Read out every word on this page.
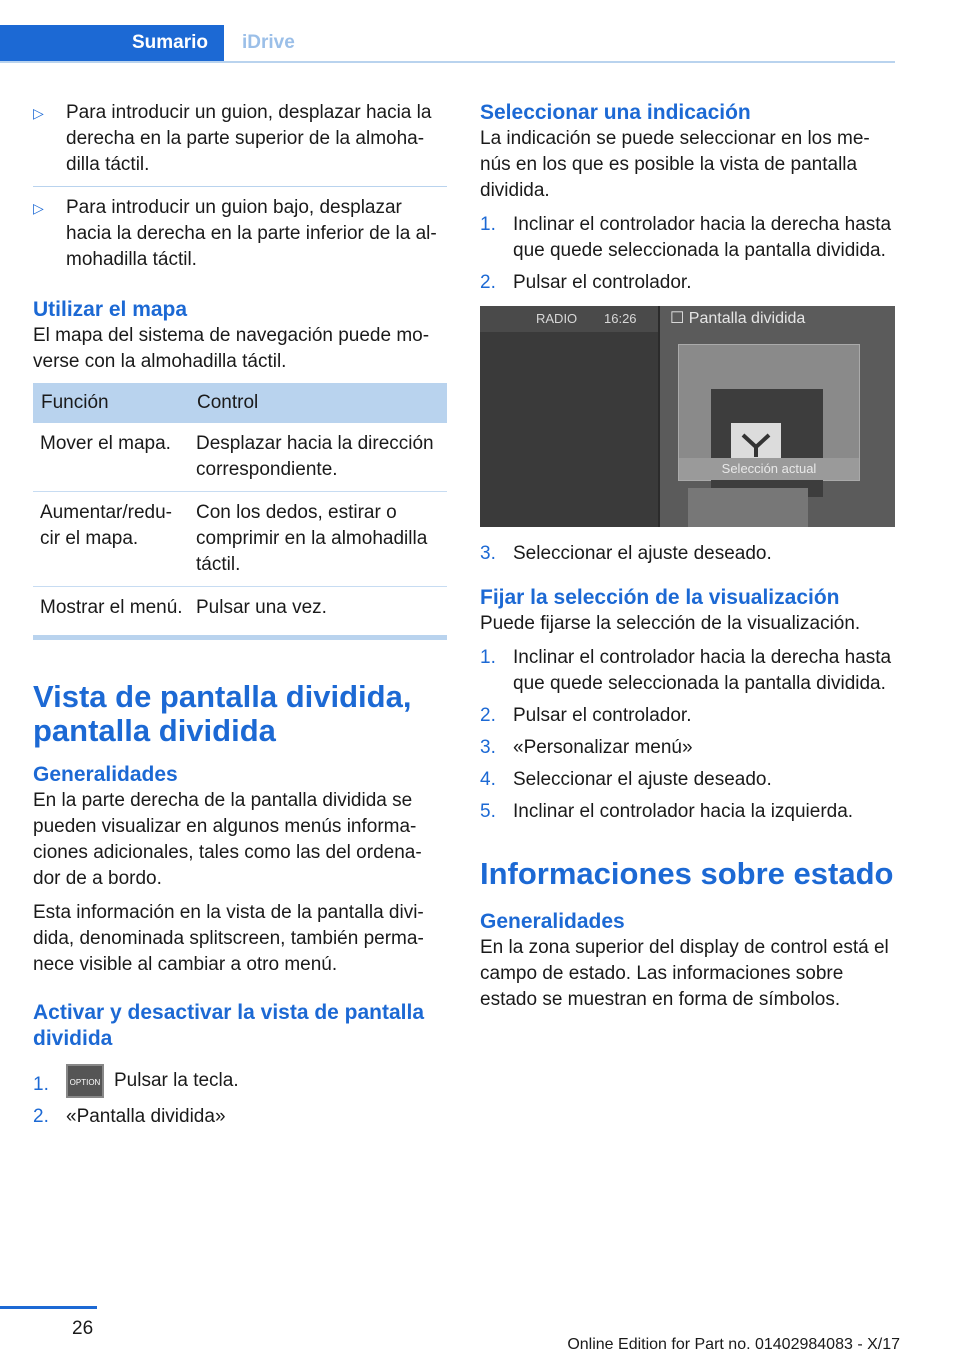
Sumario	iDrive
▷ Para introducir un guion, desplazar hacia la derecha en la parte superior de la almoha‐dilla táctil.
▷ Para introducir un guion bajo, desplazar hacia la derecha en la parte inferior de la al‐mohadilla táctil.
Utilizar el mapa

El mapa del sistema de navegación puede mo‐verse con la almohadilla táctil.

Función	Control
Mover el mapa.	Desplazar hacia la dirección correspondiente.
Aumentar/redu‐cir el mapa.	Con los dedos, estirar o comprimir en la almohadilla táctil.
Mostrar el menú.	Pulsar una vez.
Vista de pantalla dividida, pantalla dividida
Generalidades

En la parte derecha de la pantalla dividida se pueden visualizar en algunos menús informa‐ciones adicionales, tales como las del ordena‐dor de a bordo.

Esta información en la vista de la pantalla divi‐dida, denominada splitscreen, también perma‐nece visible al cambiar a otro menú.

Activar y desactivar la vista de pantalla dividida
1.	OPTION Pulsar la tecla.
2. «Pantalla dividida»
Seleccionar una indicación

La indicación se puede seleccionar en los me‐nús en los que es posible la vista de pantalla dividida.

1. Inclinar el controlador hacia la derecha hasta que quede seleccionada la pantalla dividida.
2. Pulsar el controlador.
RADIO 16:26 ☐ Pantalla dividida
Selección actual
3. Seleccionar el ajuste deseado.
Fijar la selección de la visualización

Puede fijarse la selección de la visualización.

1. Inclinar el controlador hacia la derecha hasta que quede seleccionada la pantalla dividida.
2. Pulsar el controlador.
3. «Personalizar menú»
4. Seleccionar el ajuste deseado.
5. Inclinar el controlador hacia la izquierda.
Informaciones sobre estado
Generalidades

En la zona superior del display de control está el campo de estado. Las informaciones sobre estado se muestran en forma de símbolos.

26
Online Edition for Part no. 01402984083 - X/17
